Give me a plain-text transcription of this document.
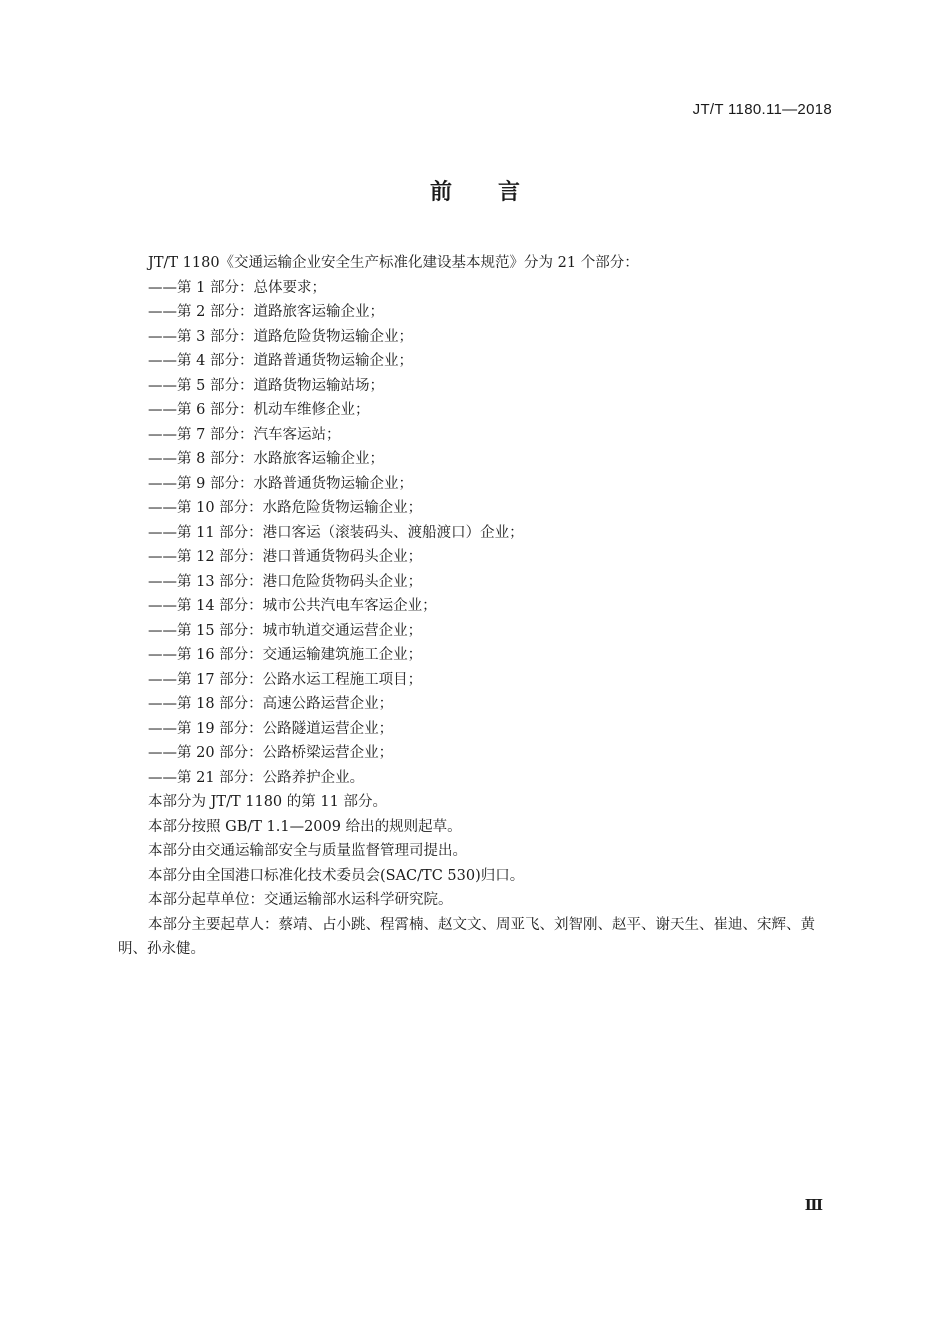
JT/T 1180.11—2018

前言

JT/T 1180《交通运输企业安全生产标准化建设基本规范》分为 21 个部分：

——第 1 部分：总体要求；
——第 2 部分：道路旅客运输企业；
——第 3 部分：道路危险货物运输企业；
——第 4 部分：道路普通货物运输企业；
——第 5 部分：道路货物运输站场；
——第 6 部分：机动车维修企业；
——第 7 部分：汽车客运站；
——第 8 部分：水路旅客运输企业；
——第 9 部分：水路普通货物运输企业；
——第 10 部分：水路危险货物运输企业；
——第 11 部分：港口客运（滚装码头、渡船渡口）企业；
——第 12 部分：港口普通货物码头企业；
——第 13 部分：港口危险货物码头企业；
——第 14 部分：城市公共汽电车客运企业；
——第 15 部分：城市轨道交通运营企业；
——第 16 部分：交通运输建筑施工企业；
——第 17 部分：公路水运工程施工项目；
——第 18 部分：高速公路运营企业；
——第 19 部分：公路隧道运营企业；
——第 20 部分：公路桥梁运营企业；
——第 21 部分：公路养护企业。

本部分为 JT/T 1180 的第 11 部分。

本部分按照 GB/T 1.1—2009 给出的规则起草。

本部分由交通运输部安全与质量监督管理司提出。

本部分由全国港口标准化技术委员会(SAC/TC 530)归口。

本部分起草单位：交通运输部水运科学研究院。

本部分主要起草人：蔡靖、占小跳、程霄楠、赵文文、周亚飞、刘智刚、赵平、谢天生、崔迪、宋辉、黄明、孙永健。

Ⅲ
